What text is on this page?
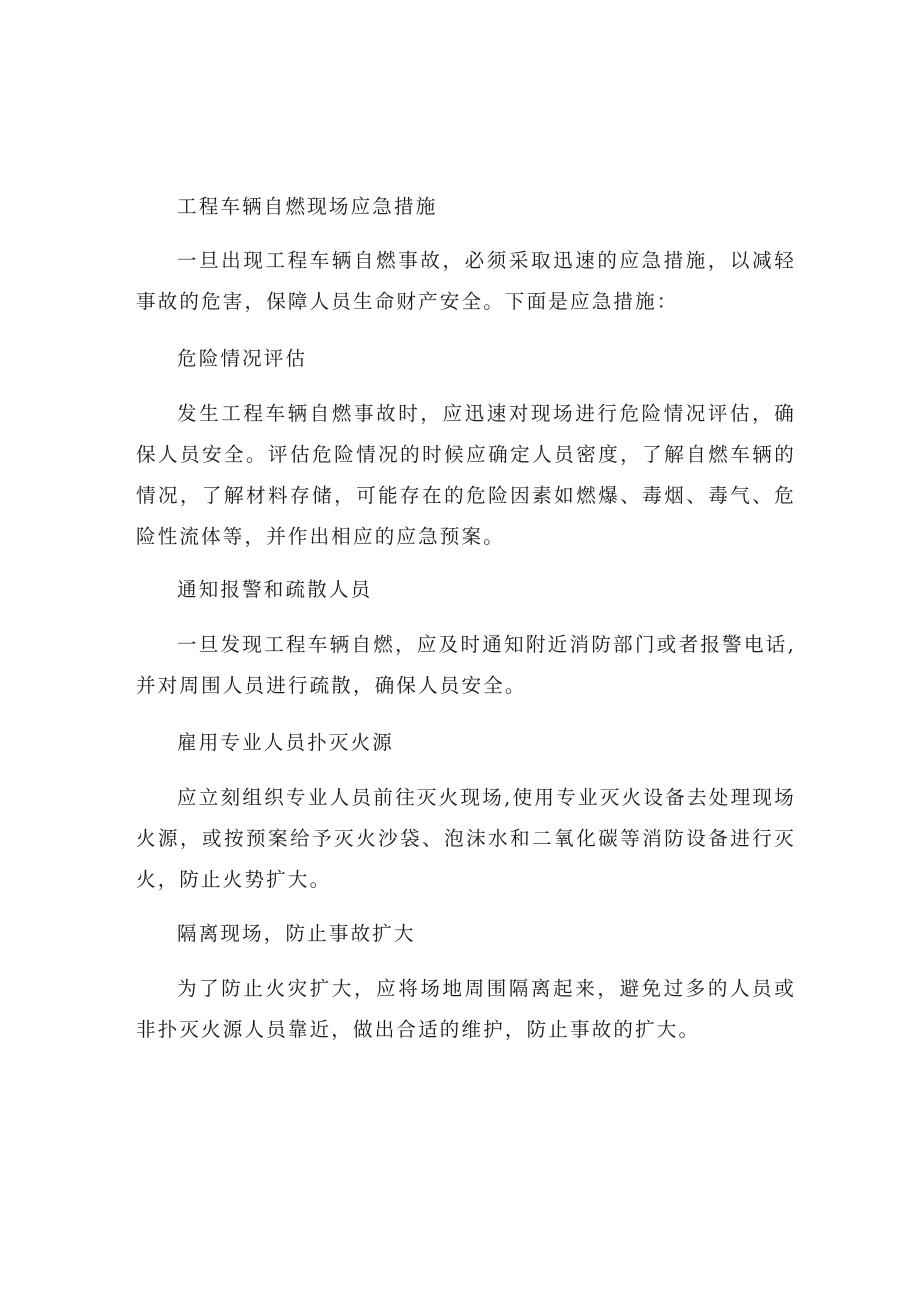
工程车辆自燃现场应急措施

一旦出现工程车辆自燃事故，必须采取迅速的应急措施，以减轻事故的危害，保障人员生命财产安全。下面是应急措施：

危险情况评估

发生工程车辆自燃事故时，应迅速对现场进行危险情况评估，确保人员安全。评估危险情况的时候应确定人员密度，了解自燃车辆的情况，了解材料存储，可能存在的危险因素如燃爆、毒烟、毒气、危险性流体等，并作出相应的应急预案。

通知报警和疏散人员

一旦发现工程车辆自燃，应及时通知附近消防部门或者报警电话,并对周围人员进行疏散，确保人员安全。

雇用专业人员扑灭火源

应立刻组织专业人员前往灭火现场,使用专业灭火设备去处理现场火源，或按预案给予灭火沙袋、泡沫水和二氧化碳等消防设备进行灭火，防止火势扩大。

隔离现场，防止事故扩大

为了防止火灾扩大，应将场地周围隔离起来，避免过多的人员或非扑灭火源人员靠近，做出合适的维护，防止事故的扩大。
